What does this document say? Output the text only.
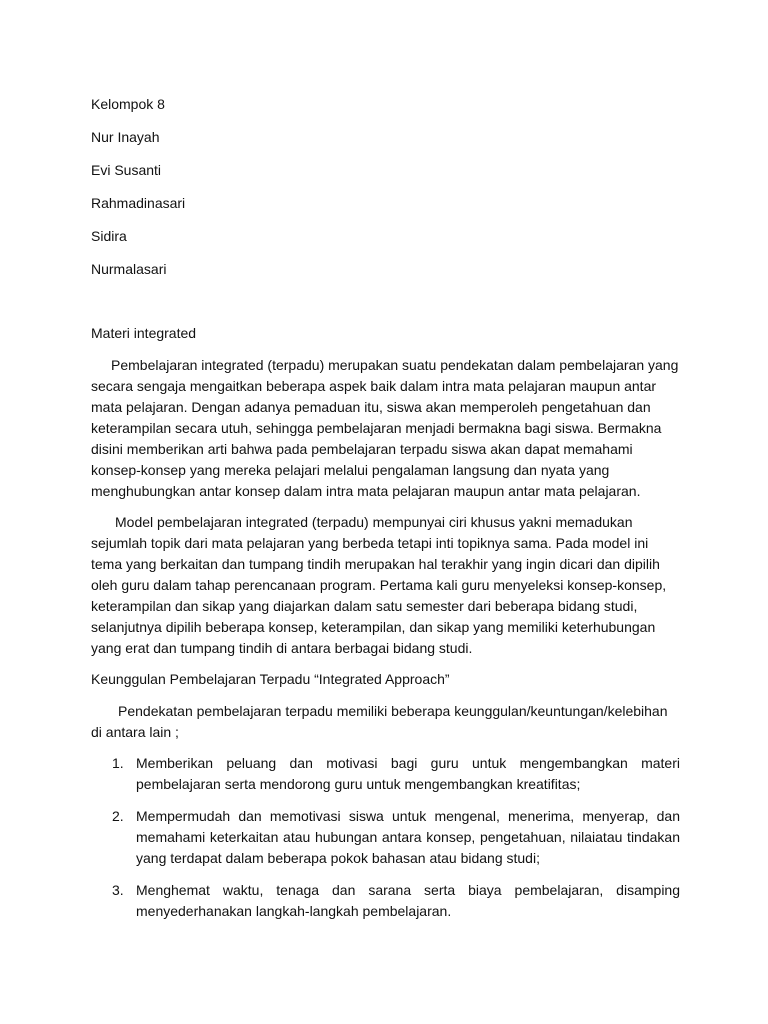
Kelompok 8
Nur Inayah
Evi Susanti
Rahmadinasari
Sidira
Nurmalasari

Materi integrated

Pembelajaran integrated (terpadu) merupakan suatu pendekatan dalam pembelajaran yang secara sengaja mengaitkan beberapa aspek baik dalam intra mata pelajaran maupun antar mata pelajaran. Dengan adanya pemaduan itu, siswa akan memperoleh pengetahuan dan keterampilan secara utuh, sehingga pembelajaran menjadi bermakna bagi siswa. Bermakna disini memberikan arti bahwa pada pembelajaran terpadu siswa akan dapat memahami konsep-konsep yang mereka pelajari melalui pengalaman langsung dan nyata yang menghubungkan antar konsep dalam intra mata pelajaran maupun antar mata pelajaran.

Model pembelajaran integrated (terpadu) mempunyai ciri khusus yakni memadukan sejumlah topik dari mata pelajaran yang berbeda tetapi inti topiknya sama. Pada model ini tema yang berkaitan dan tumpang tindih merupakan hal terakhir yang ingin dicari dan dipilih oleh guru dalam tahap perencanaan program. Pertama kali guru menyeleksi konsep-konsep, keterampilan dan sikap yang diajarkan dalam satu semester dari beberapa bidang studi, selanjutnya dipilih beberapa konsep, keterampilan, dan sikap yang memiliki keterhubungan yang erat dan tumpang tindih di antara berbagai bidang studi.

Keunggulan Pembelajaran Terpadu “Integrated Approach”

Pendekatan pembelajaran terpadu memiliki beberapa keunggulan/keuntungan/kelebihan di antara lain ;

1. Memberikan peluang dan motivasi bagi guru untuk mengembangkan materi pembelajaran serta mendorong guru untuk mengembangkan kreatifitas;
2. Mempermudah dan memotivasi siswa untuk mengenal, menerima, menyerap, dan memahami keterkaitan atau hubungan antara konsep, pengetahuan, nilaiatau tindakan yang terdapat dalam beberapa pokok bahasan atau bidang studi;
3. Menghemat waktu, tenaga dan sarana serta biaya pembelajaran, disamping menyederhanakan langkah-langkah pembelajaran.
